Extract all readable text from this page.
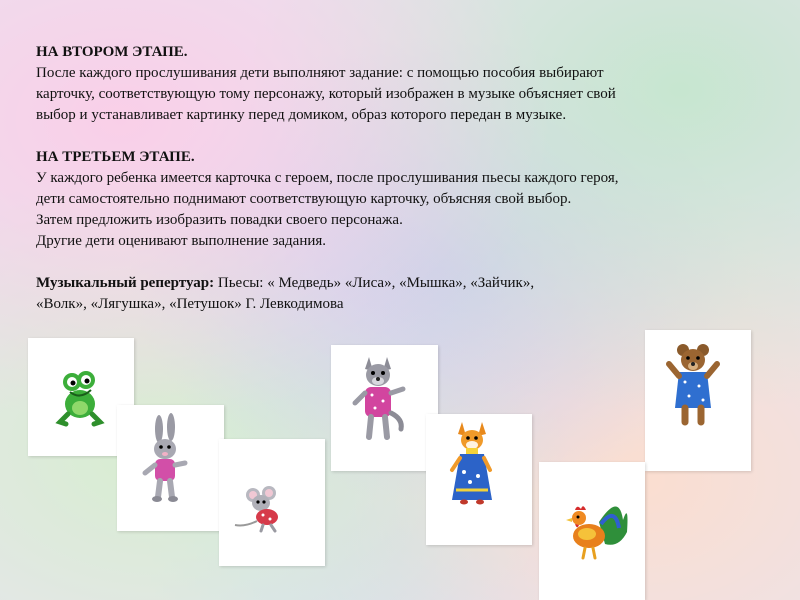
НА ВТОРОМ ЭТАПЕ.

После каждого прослушивания дети выполняют задание: с помощью пособия выбирают

карточку, соответствующую тому персонажу, который изображен в музыке объясняет свой

выбор и устанавливает картинку перед домиком, образ которого передан в музыке.

НА ТРЕТЬЕМ ЭТАПЕ.

У каждого ребенка имеется карточка с героем, после прослушивания пьесы каждого героя,

дети самостоятельно поднимают соответствующую карточку, объясняя свой выбор.

Затем предложить изобразить повадки своего персонажа.

Другие дети оценивают выполнение задания.

Музыкальный репертуар: Пьесы: « Медведь» «Лиса», «Мышка», «Зайчик»,

«Волк», «Лягушка», «Петушок» Г. Левкодимова
